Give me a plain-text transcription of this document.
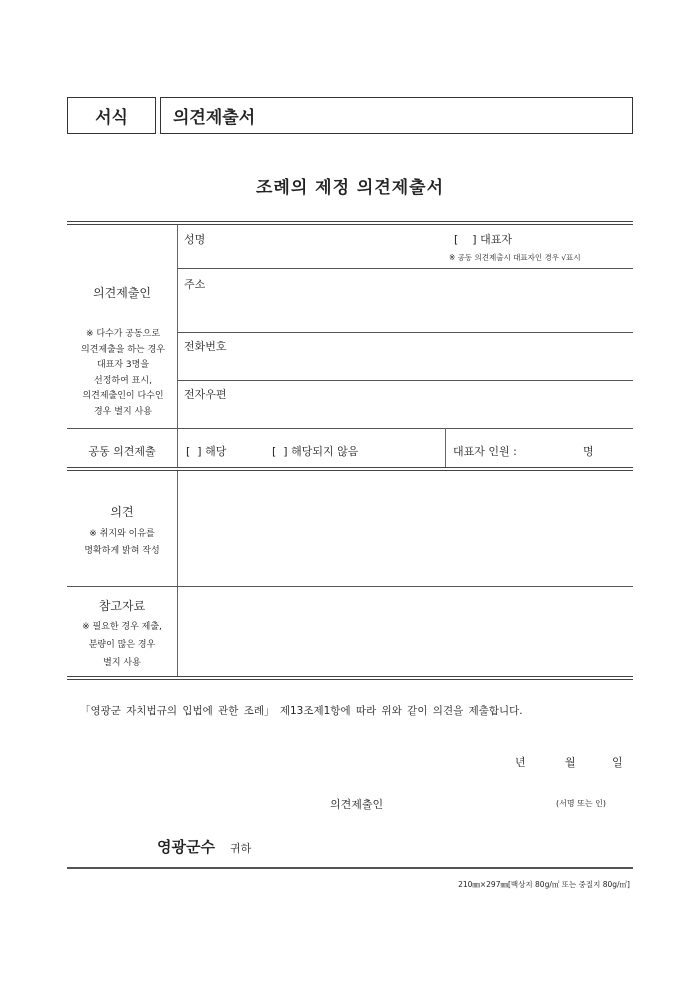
서식	의견제출서
조례의 제정 의견제출서
의견제출인
※ 다수가 공동으로
의견제출을 하는 경우
대표자 3명을
선정하여 표시,
의견제출인이 다수인
경우 별지 사용
성명	[    ] 대표자
※ 공동 의견제출시 대표자인 경우 √표시
주소
전화번호
전자우편
공동 의견제출	[  ] 해당	[  ] 해당되지 않음	대표자 인원 :	명
의견
※ 취지와 이유를
명확하게 밝혀 작성
참고자료
※ 필요한 경우 제출,
분량이 많은 경우
별지 사용
「영광군 자치법규의 입법에 관한 조례」 제13조제1항에 따라 위와 같이 의견을 제출합니다.
년	월	일
의견제출인	(서명 또는 인)
영광군수 귀하
210㎜×297㎜[백상지 80g/㎡ 또는 중질지 80g/㎡]
